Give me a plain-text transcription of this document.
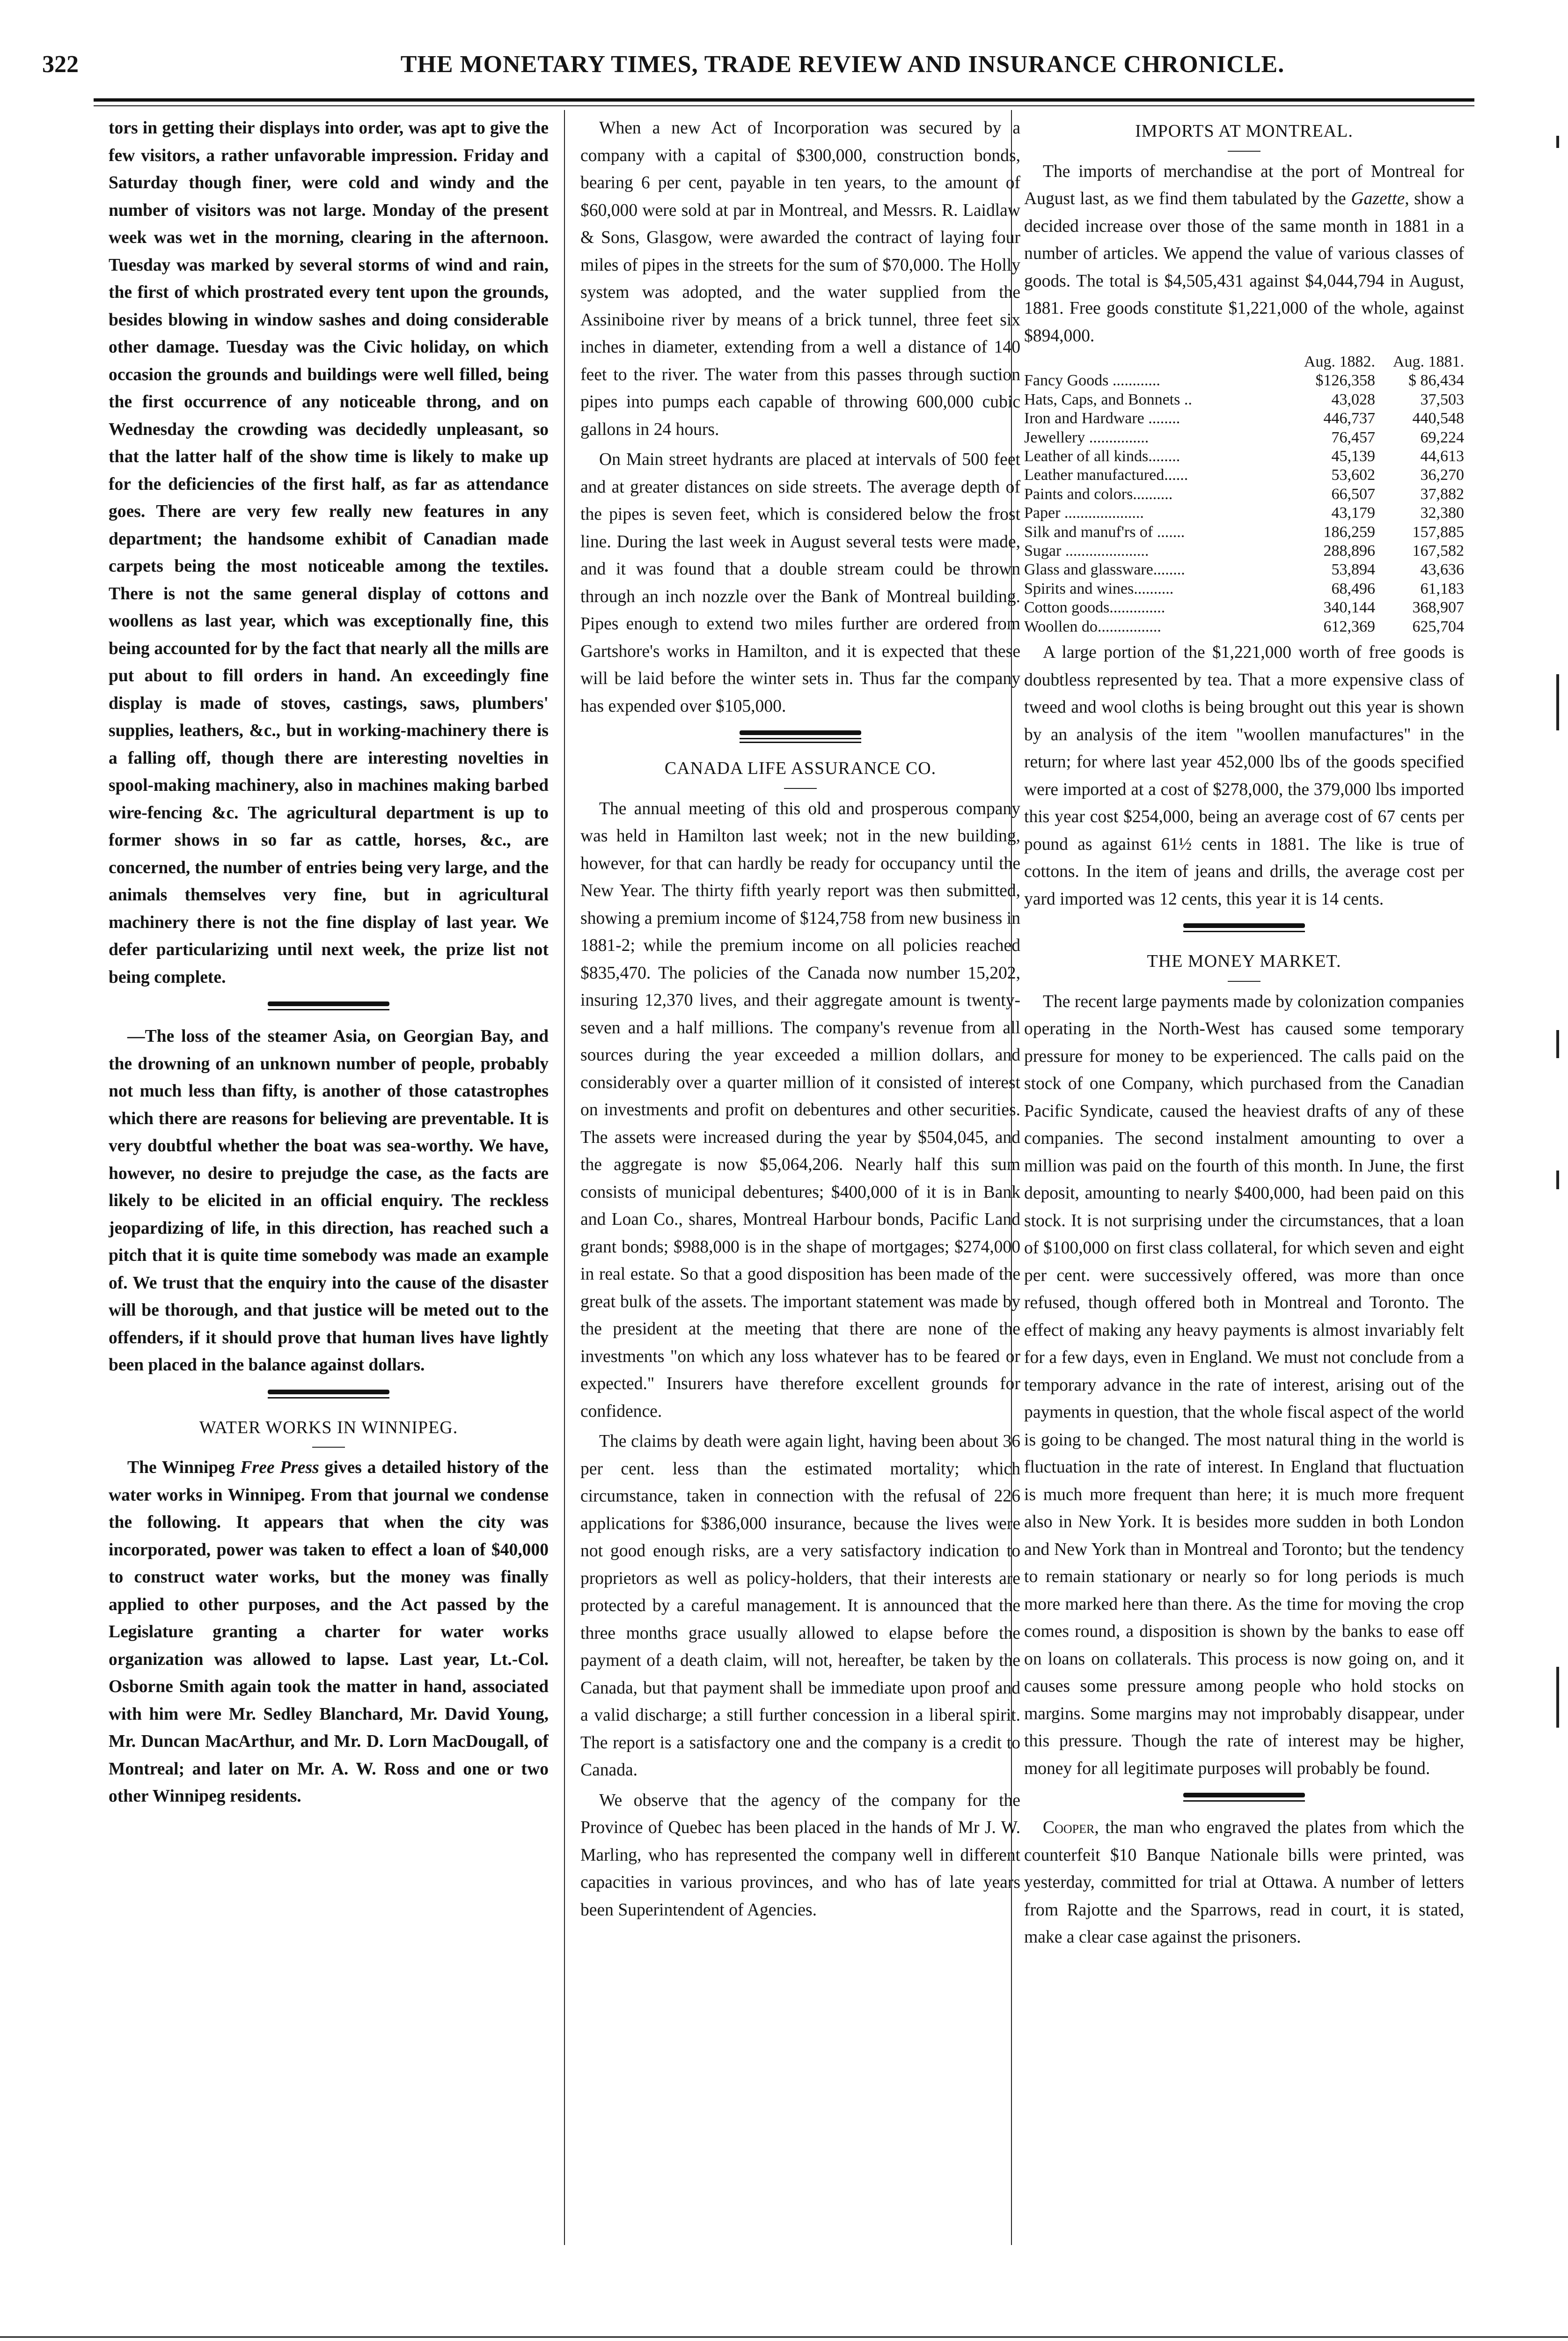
322	THE MONETARY TIMES, TRADE REVIEW AND INSURANCE CHRONICLE.

tors in getting their displays into order, was apt to give the few visitors, a rather unfavorable impression. Friday and Saturday though finer, were cold and windy and the number of visitors was not large. Monday of the present week was wet in the morning, clearing in the afternoon. Tuesday was marked by several storms of wind and rain, the first of which prostrated every tent upon the grounds, besides blowing in window sashes and doing considerable other damage. Tuesday was the Civic holiday, on which occasion the grounds and buildings were well filled, being the first occurrence of any noticeable throng, and on Wednesday the crowding was decidedly unpleasant, so that the latter half of the show time is likely to make up for the deficiencies of the first half, as far as attendance goes. There are very few really new features in any department; the handsome exhibit of Canadian made carpets being the most noticeable among the textiles. There is not the same general display of cottons and woollens as last year, which was exceptionally fine, this being accounted for by the fact that nearly all the mills are put about to fill orders in hand. An exceedingly fine display is made of stoves, castings, saws, plumbers' supplies, leathers, &c., but in working-machinery there is a falling off, though there are interesting novelties in spool-making machinery, also in machines making barbed wire-fencing &c. The agricultural department is up to former shows in so far as cattle, horses, &c., are concerned, the number of entries being very large, and the animals themselves very fine, but in agricultural machinery there is not the fine display of last year. We defer particularizing until next week, the prize list not being complete.

—The loss of the steamer Asia, on Georgian Bay, and the drowning of an unknown number of people, probably not much less than fifty, is another of those catastrophes which there are reasons for believing are preventable. It is very doubtful whether the boat was sea-worthy. We have, however, no desire to prejudge the case, as the facts are likely to be elicited in an official enquiry. The reckless jeopardizing of life, in this direction, has reached such a pitch that it is quite time somebody was made an example of. We trust that the enquiry into the cause of the disaster will be thorough, and that justice will be meted out to the offenders, if it should prove that human lives have lightly been placed in the balance against dollars.

WATER WORKS IN WINNIPEG.

The Winnipeg Free Press gives a detailed history of the water works in Winnipeg. From that journal we condense the following. It appears that when the city was incorporated, power was taken to effect a loan of $40,000 to construct water works, but the money was finally applied to other purposes, and the Act passed by the Legislature granting a charter for water works organization was allowed to lapse. Last year, Lt.-Col. Osborne Smith again took the matter in hand, associated with him were Mr. Sedley Blanchard, Mr. David Young, Mr. Duncan MacArthur, and Mr. D. Lorn MacDougall, of Montreal; and later on Mr. A. W. Ross and one or two other Winnipeg residents.

When a new Act of Incorporation was secured by a company with a capital of $300,000, construction bonds, bearing 6 per cent, payable in ten years, to the amount of $60,000 were sold at par in Montreal, and Messrs. R. Laidlaw & Sons, Glasgow, were awarded the contract of laying four miles of pipes in the streets for the sum of $70,000. The Holly system was adopted, and the water supplied from the Assiniboine river by means of a brick tunnel, three feet six inches in diameter, extending from a well a distance of 140 feet to the river. The water from this passes through suction pipes into pumps each capable of throwing 600,000 cubic gallons in 24 hours.

On Main street hydrants are placed at intervals of 500 feet and at greater distances on side streets. The average depth of the pipes is seven feet, which is considered below the frost line. During the last week in August several tests were made, and it was found that a double stream could be thrown through an inch nozzle over the Bank of Montreal building. Pipes enough to extend two miles further are ordered from Gartshore's works in Hamilton, and it is expected that these will be laid before the winter sets in. Thus far the company has expended over $105,000.

CANADA LIFE ASSURANCE CO.

The annual meeting of this old and prosperous company was held in Hamilton last week; not in the new building, however, for that can hardly be ready for occupancy until the New Year. The thirty fifth yearly report was then submitted, showing a premium income of $124,758 from new business in 1881-2; while the premium income on all policies reached $835,470. The policies of the Canada now number 15,202, insuring 12,370 lives, and their aggregate amount is twenty-seven and a half millions. The company's revenue from all sources during the year exceeded a million dollars, and considerably over a quarter million of it consisted of interest on investments and profit on debentures and other securities. The assets were increased during the year by $504,045, and the aggregate is now $5,064,206. Nearly half this sum consists of municipal debentures; $400,000 of it is in Bank and Loan Co., shares, Montreal Harbour bonds, Pacific Land grant bonds; $988,000 is in the shape of mortgages; $274,000 in real estate. So that a good disposition has been made of the great bulk of the assets. The important statement was made by the president at the meeting that there are none of the investments "on which any loss whatever has to be feared or expected." Insurers have therefore excellent grounds for confidence.

The claims by death were again light, having been about 36 per cent. less than the estimated mortality; which circumstance, taken in connection with the refusal of 226 applications for $386,000 insurance, because the lives were not good enough risks, are a very satisfactory indication to proprietors as well as policy-holders, that their interests are protected by a careful management. It is announced that the three months grace usually allowed to elapse before the payment of a death claim, will not, hereafter, be taken by the Canada, but that payment shall be immediate upon proof and a valid discharge; a still further concession in a liberal spirit. The report is a satisfactory one and the company is a credit to Canada.

We observe that the agency of the company for the Province of Quebec has been placed in the hands of Mr J. W. Marling, who has represented the company well in different capacities in various provinces, and who has of late years been Superintendent of Agencies.

IMPORTS AT MONTREAL.

The imports of merchandise at the port of Montreal for August last, as we find them tabulated by the Gazette, show a decided increase over those of the same month in 1881 in a number of articles. We append the value of various classes of goods. The total is $4,505,431 against $4,044,794 in August, 1881. Free goods constitute $1,221,000 of the whole, against $894,000.

	Aug. 1882.	Aug. 1881.
Fancy Goods ............	$126,358	$ 86,434
Hats, Caps, and Bonnets ..	43,028	37,503
Iron and Hardware ........	446,737	440,548
Jewellery ...............	76,457	69,224
Leather of all kinds........	45,139	44,613
Leather manufactured......	53,602	36,270
Paints and colors..........	66,507	37,882
Paper ....................	43,179	32,380
Silk and manuf'rs of .......	186,259	157,885
Sugar .....................	288,896	167,582
Glass and glassware........	53,894	43,636
Spirits and wines..........	68,496	61,183
Cotton goods..............	340,144	368,907
Woollen do................	612,369	625,704

A large portion of the $1,221,000 worth of free goods is doubtless represented by tea. That a more expensive class of tweed and wool cloths is being brought out this year is shown by an analysis of the item "woollen manufactures" in the return; for where last year 452,000 lbs of the goods specified were imported at a cost of $278,000, the 379,000 lbs imported this year cost $254,000, being an average cost of 67 cents per pound as against 61½ cents in 1881. The like is true of cottons. In the item of jeans and drills, the average cost per yard imported was 12 cents, this year it is 14 cents.

THE MONEY MARKET.

The recent large payments made by colonization companies operating in the North-West has caused some temporary pressure for money to be experienced. The calls paid on the stock of one Company, which purchased from the Canadian Pacific Syndicate, caused the heaviest drafts of any of these companies. The second instalment amounting to over a million was paid on the fourth of this month. In June, the first deposit, amounting to nearly $400,000, had been paid on this stock. It is not surprising under the circumstances, that a loan of $100,000 on first class collateral, for which seven and eight per cent. were successively offered, was more than once refused, though offered both in Montreal and Toronto. The effect of making any heavy payments is almost invariably felt for a few days, even in England. We must not conclude from a temporary advance in the rate of interest, arising out of the payments in question, that the whole fiscal aspect of the world is going to be changed. The most natural thing in the world is fluctuation in the rate of interest. In England that fluctuation is much more frequent than here; it is much more frequent also in New York. It is besides more sudden in both London and New York than in Montreal and Toronto; but the tendency to remain stationary or nearly so for long periods is much more marked here than there. As the time for moving the crop comes round, a disposition is shown by the banks to ease off on loans on collaterals. This process is now going on, and it causes some pressure among people who hold stocks on margins. Some margins may not improbably disappear, under this pressure. Though the rate of interest may be higher, money for all legitimate purposes will probably be found.

Cooper, the man who engraved the plates from which the counterfeit $10 Banque Nationale bills were printed, was yesterday, committed for trial at Ottawa. A number of letters from Rajotte and the Sparrows, read in court, it is stated, make a clear case against the prisoners.
